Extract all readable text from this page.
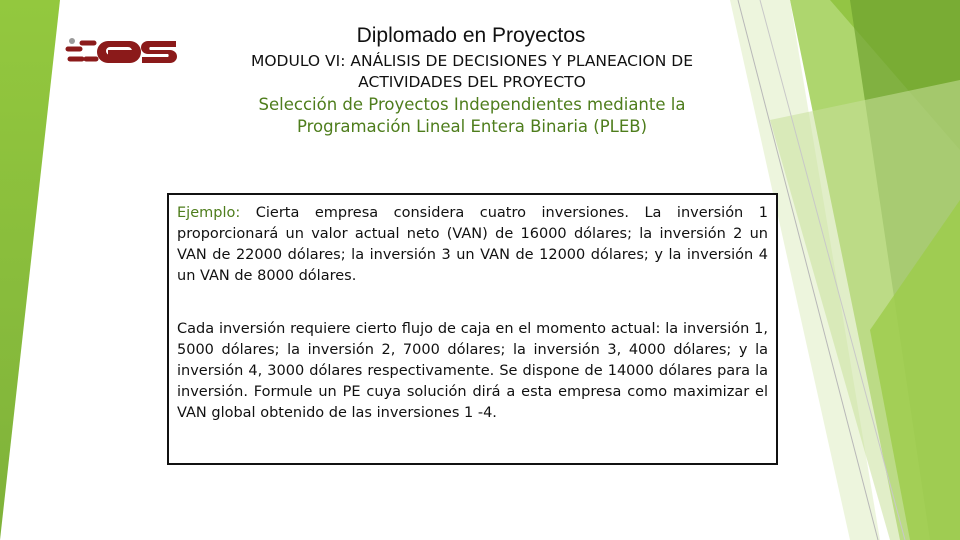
Diplomado en Proyectos
MODULO VI: ANÁLISIS DE DECISIONES Y PLANEACION DE ACTIVIDADES DEL PROYECTO
Selección de Proyectos Independientes mediante la Programación Lineal Entera Binaria (PLEB)

Ejemplo: Cierta empresa considera cuatro inversiones. La inversión 1 proporcionará un valor actual neto (VAN) de 16000 dólares; la inversión 2 un VAN de 22000 dólares; la inversión 3 un VAN de 12000 dólares; y la inversión 4 un VAN de 8000 dólares.

Cada inversión requiere cierto flujo de caja en el momento actual: la inversión 1, 5000 dólares; la inversión 2, 7000 dólares; la inversión 3, 4000 dólares; y la inversión 4, 3000 dólares respectivamente. Se dispone de 14000 dólares para la inversión. Formule un PE cuya solución dirá a esta empresa como maximizar el VAN global obtenido de las inversiones 1 -4.
